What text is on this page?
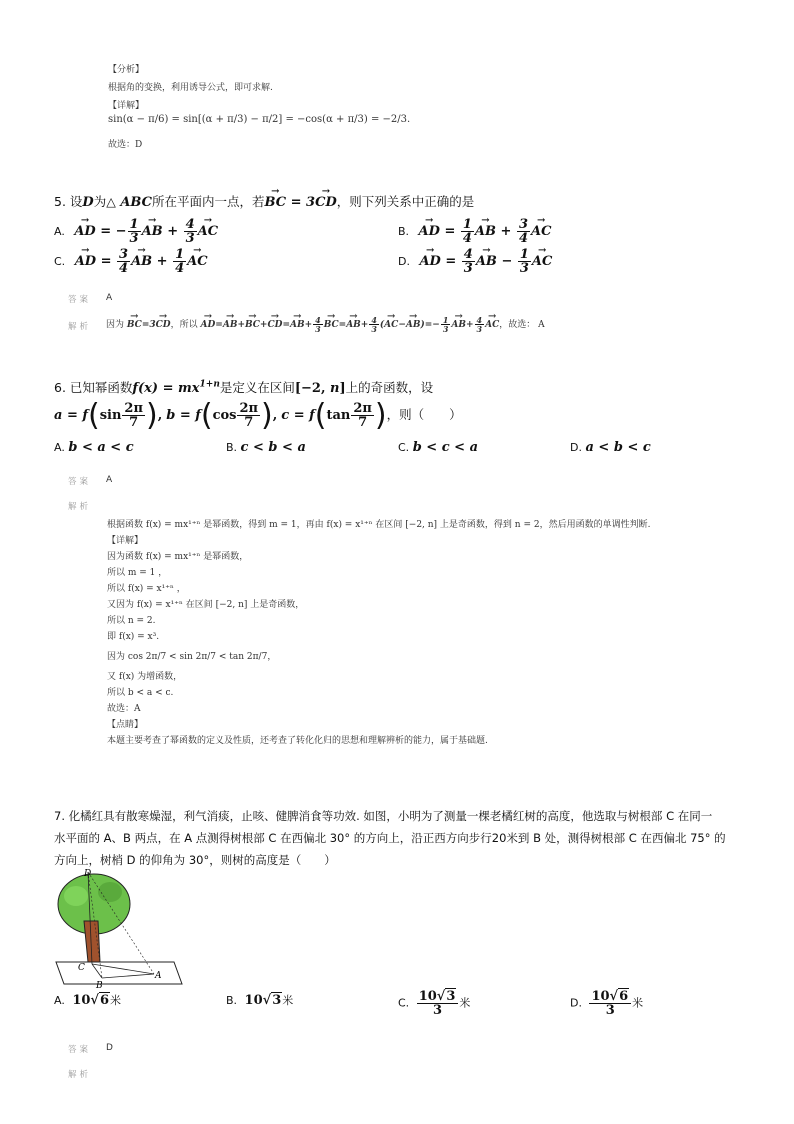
【分析】
根据角的变换，利用诱导公式，即可求解.
【详解】
sin(α − π/6) = sin[(α + π/3) − π/2] = −cos(α + π/3) = −2/3.
故选：D
5. 设D为△ ABC所在平面内一点，若→ BC = 3→ CD，则下列关系中正确的是
A. → AD = − $\frac{1}{3}$
→ AB + $\frac{4}{3}$
→ AC	B. → AD = $\frac{1}{4}$
→ AB + $\frac{3}{4}$
→ AC
C. → AD = $\frac{3}{4}$
→ AB + $\frac{1}{4}$
→ AC	D. → AD = $\frac{4}{3}$
→ AB − $\frac{1}{3}$
→ AC
答案 A
解析 因为 → BC=3→ CD，所以 → $AD=\to AB+\to BC+\to CD=\to AB+ \frac{4}{3}$
→ $BC=\to AB+ \frac{4}{3}$ (→ $AC-\to AB)=- \frac{1}{3}$
→ $AB+ \frac{4}{3}$
→ AC，故选： A
6. 已知幂函数$f(x) = mx^{1+n}$是定义在区间[−2, n]上的奇函数，设
$a = f(\sin \frac{2\pi}{7}$ ), $b = f(\cos \frac{2\pi}{7}$ ), $c = f(\tan \frac{2\pi}{7}$ )，则（　　）
A. b < a < c	B. c < b < a	C. b < c < a	D. a < b < c
答案 A
解析
根据函数 f(x) = mx¹⁺ⁿ 是幂函数，得到 m = 1，再由 f(x) = x¹⁺ⁿ 在区间 [−2, n] 上是奇函数，得到 n = 2，然后用函数的单调性判断.
【详解】
因为函数 f(x) = mx¹⁺ⁿ 是幂函数，
所以 m = 1 ，
所以 f(x) = x¹⁺ⁿ ，
又因为 f(x) = x¹⁺ⁿ 在区间 [−2, n] 上是奇函数，
所以 n = 2.
即 f(x) = x³.
因为 cos 2π/7 < sin 2π/7 < tan 2π/7，
又 f(x) 为增函数，
所以 b < a < c.
故选：A
【点睛】
本题主要考查了幂函数的定义及性质，还考查了转化化归的思想和理解辨析的能力，属于基础题.
7. 化橘红具有散寒燥湿，利气消痰，止咳、健脾消食等功效. 如图，小明为了测量一棵老橘红树的高度，他选取与树根部 C 在同一
水平面的 A、B 两点，在 A 点测得树根部 C 在西偏北 30° 的方向上，沿正西方向步行20米到 B 处，测得树根部 C 在西偏北 75° 的
方向上，树梢 D 的仰角为 30°，则树的高度是（　　）
D
C
B
A
A. 10√6米	B. 10√3米	C. $\frac{10√3}{3}$ 米	D. $\frac{10√6}{3}$ 米
答案 D
解析
